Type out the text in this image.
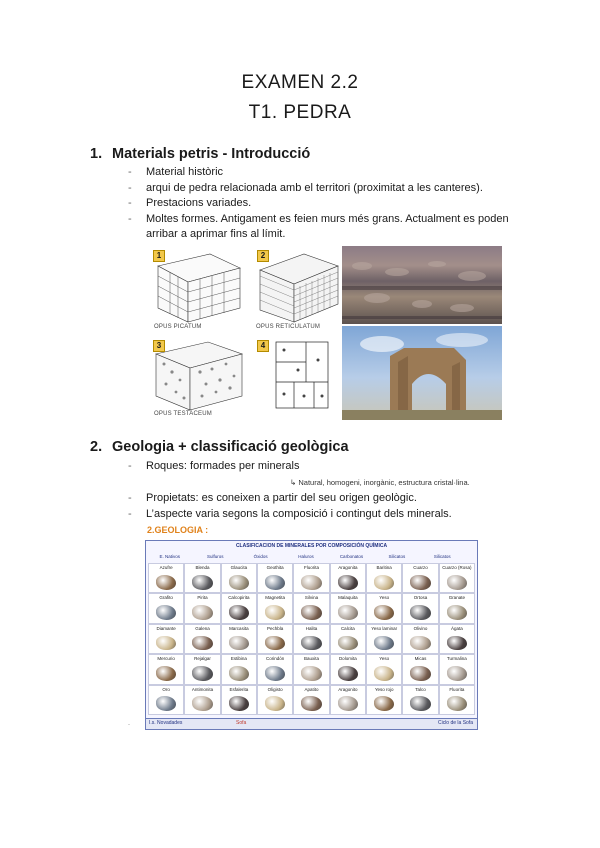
EXAMEN 2.2
T1. PEDRA
1. Materials petris - Introducció
- Material històric
- arqui de pedra relacionada amb el territori (proximitat a les canteres).
- Prestacions variades.
- Moltes formes. Antigament es feien murs més grans. Actualment es poden arribar a aprimar fins al límit.
1
OPUS PICATUM
2
OPUS RETICULATUM
3
OPUS TESTACEUM
4
2. Geologia + classificació geològica
- Roques: formades per minerals
↳ Natural, homogeni, inorgànic, estructura cristal·lina.
- Propietats: es coneixen a partir del seu origen geològic.
- L’aspecte varia segons la composició i contingut dels minerals.
2.GEOLOGIA :
CLASIFICACION DE MINERALES POR COMPOSICIÓN QUÍMICA
E. Nativos	Sulfuros	Óxidos	Haluros	Carbonatos	Silicatos	Silicatos
Azufre	Blenda	Glaucita	Geothita	Fluorita	Aragonita	Baritina	Cuarzo	Cuarzo (Rosa)
Grafito	Pirita	Calcopirita	Magnetita	Silvina	Malaquita	Yeso	Ortosa	Granate
Diamante	Galena	Marcasita	Pechbla	Halita	Calcita	Yeso laminar	Olivino	Ágata
Mercurio	Rejalgar	Estibina	Corindón	Bauxita	Dolomita	Yeso	Micas	Turmalina
Oro	Antimonita	Esfalerita	Oligisto	Apatito	Aragonito	Yeso rojo	Talco	Fluorita
I.s. Novadades	Sofa	Ciclo de la Sofa
-
